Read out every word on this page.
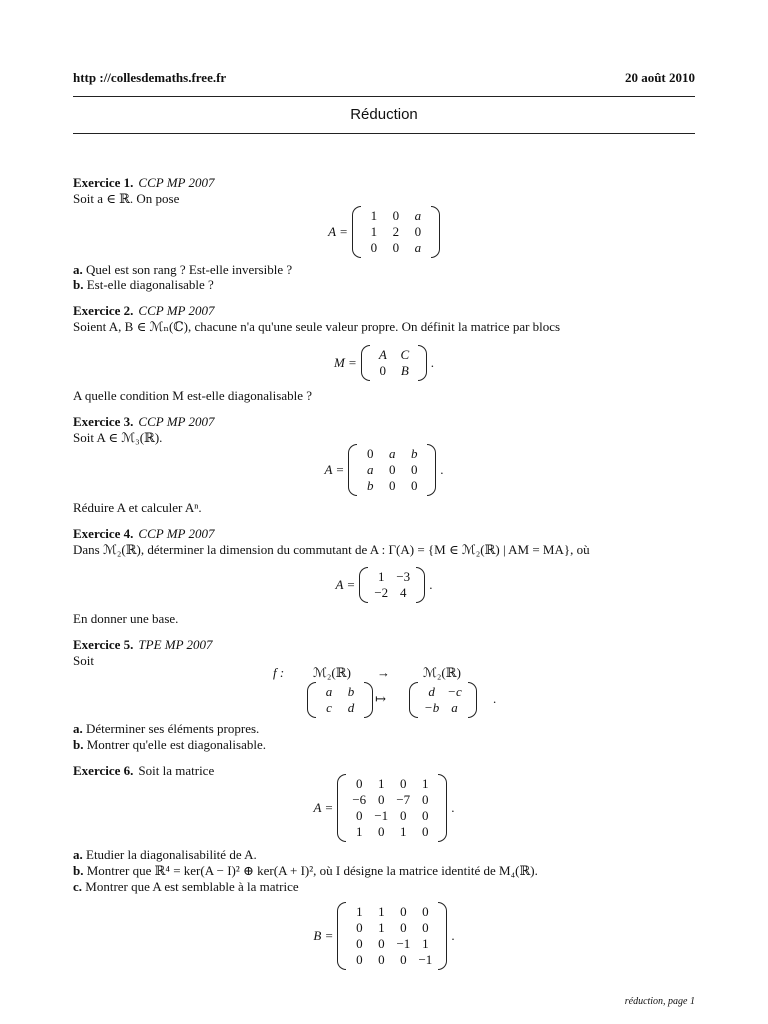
http ://collesdemaths.free.fr	20 août 2010
Réduction
Exercice 1. CCP MP 2007
Soit a ∈ ℝ. On pose
A =
1	0	a
1	2	0
0	0	a
a. Quel est son rang ? Est-elle inversible ?
b. Est-elle diagonalisable ?
Exercice 2. CCP MP 2007
Soient A, B ∈ ℳₙ(ℂ), chacune n'a qu'une seule valeur propre. On définit la matrice par blocs
M =
A	C
0	B
.
A quelle condition M est-elle diagonalisable ?
Exercice 3. CCP MP 2007
Soit A ∈ ℳ₃(ℝ).
A =
0	a	b
a	0	0
b	0	0
.
Réduire A et calculer Aⁿ.
Exercice 4. CCP MP 2007
Dans ℳ₂(ℝ), déterminer la dimension du commutant de A : Γ(A) = {M ∈ ℳ₂(ℝ) | AM = MA}, où
A =
1	−3
−2	4
.
En donner une base.
Exercice 5. TPE MP 2007
Soit
f : ℳ₂(ℝ) →	ℳ₂(ℝ)
a	b
c	d
↦	d	−c
−b	a
.
a. Déterminer ses éléments propres.
b. Montrer qu'elle est diagonalisable.
Exercice 6. Soit la matrice
A =
0	1	0	1
−6	0	−7	0
0	−1	0	0
1	0	1	0
.
a. Etudier la diagonalisabilité de A.
b. Montrer que ℝ⁴ = ker(A − I)² ⊕ ker(A + I)², où I désigne la matrice identité de M₄(ℝ).
c. Montrer que A est semblable à la matrice
B =
1	1	0	0
0	1	0	0
0	0	−1	1
0	0	0	−1
.
réduction, page 1
